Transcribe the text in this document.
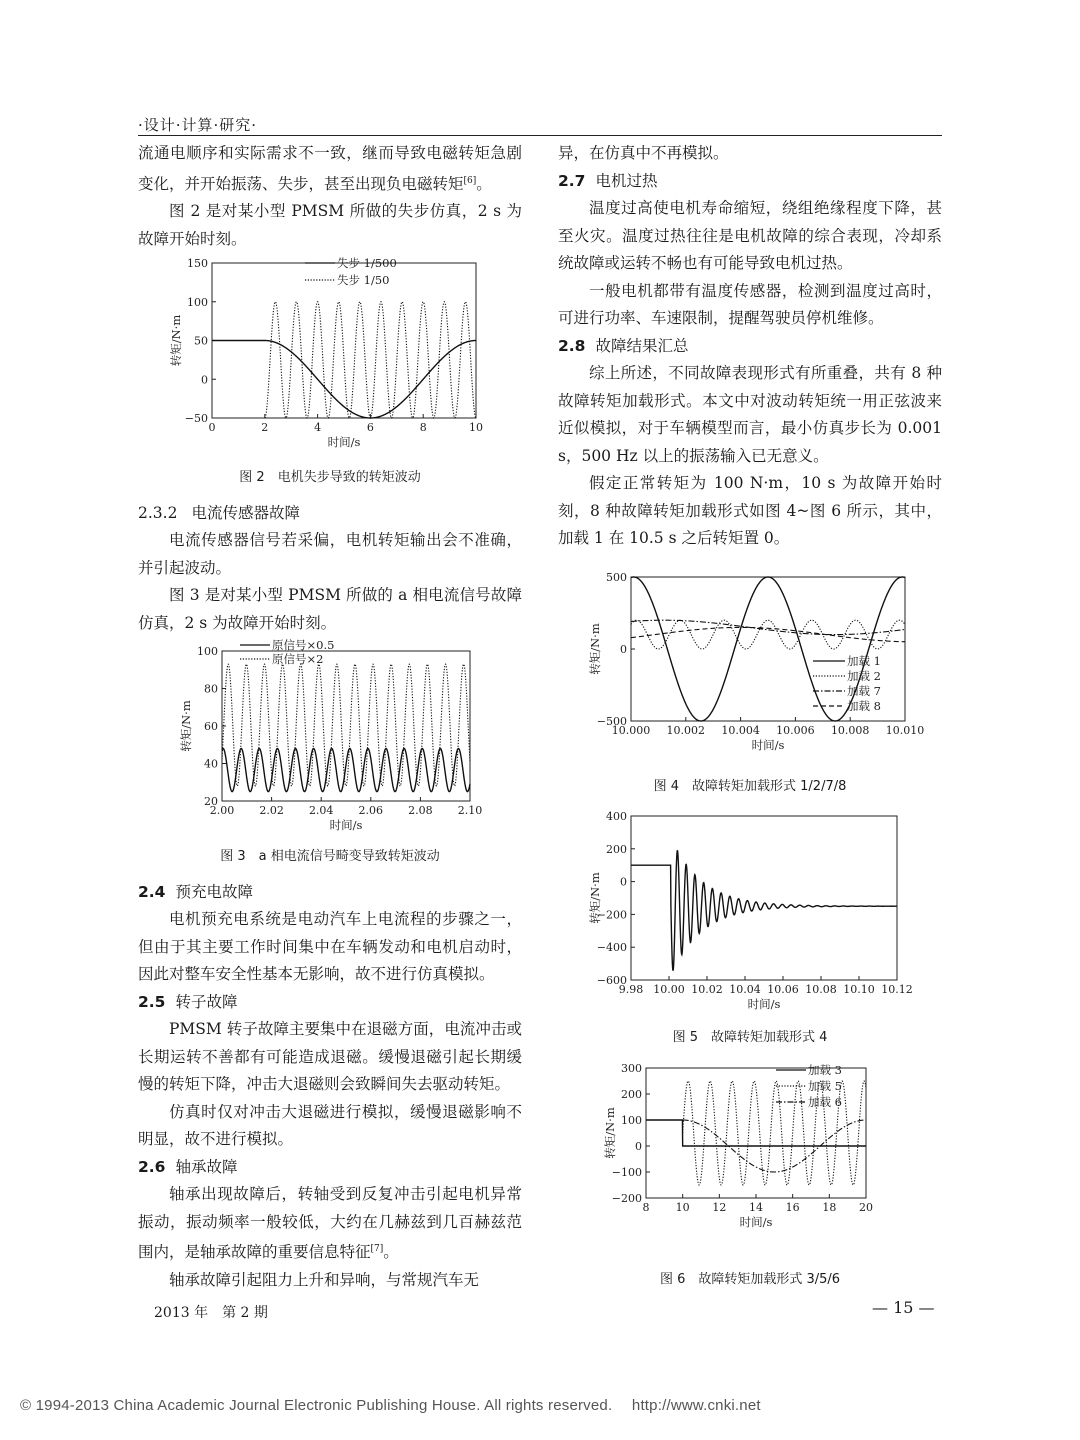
·设计·计算·研究·

流通电顺序和实际需求不一致，继而导致电磁转矩急剧变化，并开始振荡、失步，甚至出现负电磁转矩[6]。

图 2 是对某小型 PMSM 所做的失步仿真，2 s 为故障开始时刻。

0	2	4	6	8	10
150
100
50
0
−50
时间/s
转矩/N·m
失步 1/500
失步 1/50
图 2　电机失步导致的转矩波动
2.3.2 电流传感器故障

电流传感器信号若采偏，电机转矩输出会不准确，并引起波动。

图 3 是对某小型 PMSM 所做的 a 相电流信号故障仿真，2 s 为故障开始时刻。

2.00 2.02 2.04 2.06 2.08 2.10
100
80
60
40
20
时间/s
转矩/N·m
原信号×0.5
原信号×2
图 3　a 相电流信号畸变导致转矩波动
2.4 预充电故障

电机预充电系统是电动汽车上电流程的步骤之一，但由于其主要工作时间集中在车辆发动和电机启动时，因此对整车安全性基本无影响，故不进行仿真模拟。

2.5 转子故障

PMSM 转子故障主要集中在退磁方面，电流冲击或长期运转不善都有可能造成退磁。缓慢退磁引起长期缓慢的转矩下降，冲击大退磁则会致瞬间失去驱动转矩。

仿真时仅对冲击大退磁进行模拟，缓慢退磁影响不明显，故不进行模拟。

2.6 轴承故障

轴承出现故障后，转轴受到反复冲击引起电机异常振动，振动频率一般较低，大约在几赫兹到几百赫兹范围内，是轴承故障的重要信息特征[7]。

轴承故障引起阻力上升和异响，与常规汽车无

异，在仿真中不再模拟。

2.7 电机过热

温度过高使电机寿命缩短，绕组绝缘程度下降，甚至火灾。温度过热往往是电机故障的综合表现，冷却系统故障或运转不畅也有可能导致电机过热。

一般电机都带有温度传感器，检测到温度过高时，可进行功率、车速限制，提醒驾驶员停机维修。

2.8 故障结果汇总

综上所述，不同故障表现形式有所重叠，共有 8 种故障转矩加载形式。本文中对波动转矩统一用正弦波来近似模拟，对于车辆模型而言，最小仿真步长为 0.001 s，500 Hz 以上的振荡输入已无意义。

假定正常转矩为 100 N·m，10 s 为故障开始时刻，8 种故障转矩加载形式如图 4~图 6 所示，其中，加载 1 在 10.5 s 之后转矩置 0。

10.000 10.002 10.004 10.006 10.008 10.010
500
0
−500
时间/s
转矩/N·m	加载 1
加载 2
加载 7
加载 8
图 4　故障转矩加载形式 1/2/7/8
9.98 10.00 10.02 10.04 10.06 10.08 10.10 10.12
400
200
0
−200
−400
−600
时间/s
转矩/N·m
图 5　故障转矩加载形式 4
8 10 12 14 16 18 20
300
200
100
0
−100
−200
时间/s
转矩/N·m
加载 3
加载 5
加载 6
图 6　故障转矩加载形式 3/5/6
2013 年　第 2 期	— 15 —
© 1994-2013 China Academic Journal Electronic Publishing House. All rights reserved.　 http://www.cnki.net
